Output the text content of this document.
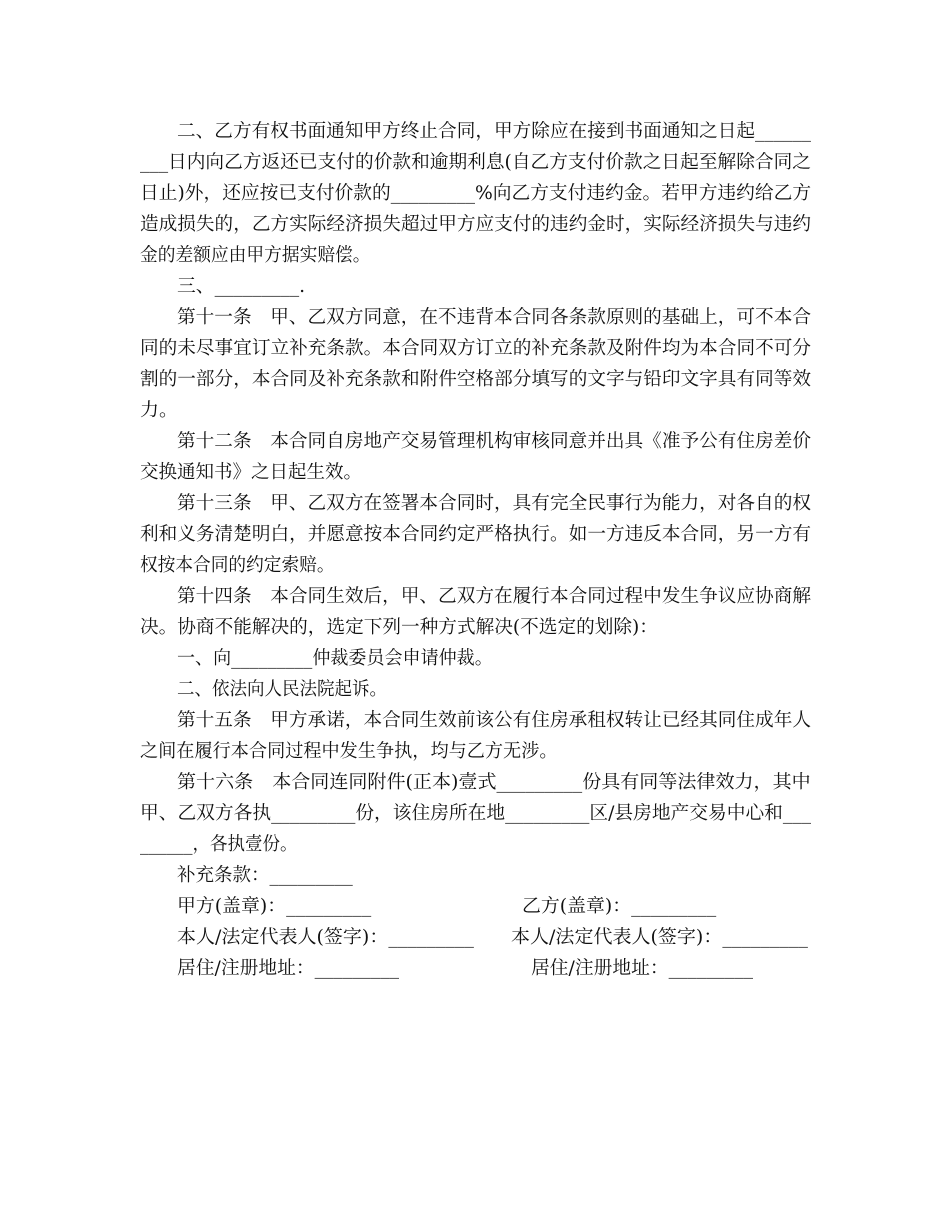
二、乙方有权书面通知甲方终止合同，甲方除应在接到书面通知之日起______
___日内向乙方返还已支付的价款和逾期利息(自乙方支付价款之日起至解除合同之
日止)外，还应按已支付价款的_________%向乙方支付违约金。若甲方违约给乙方
造成损失的，乙方实际经济损失超过甲方应支付的违约金时，实际经济损失与违约
金的差额应由甲方据实赔偿。
三、_________.
第十一条　甲、乙双方同意，在不违背本合同各条款原则的基础上，可不本合
同的未尽事宜订立补充条款。本合同双方订立的补充条款及附件均为本合同不可分
割的一部分，本合同及补充条款和附件空格部分填写的文字与铅印文字具有同等效
力。
第十二条　本合同自房地产交易管理机构审核同意并出具《准予公有住房差价
交换通知书》之日起生效。
第十三条　甲、乙双方在签署本合同时，具有完全民事行为能力，对各自的权
利和义务清楚明白，并愿意按本合同约定严格执行。如一方违反本合同，另一方有
权按本合同的约定索赔。
第十四条　本合同生效后，甲、乙双方在履行本合同过程中发生争议应协商解
决。协商不能解决的，选定下列一种方式解决(不选定的划除)：
一、向_________仲裁委员会申请仲裁。
二、依法向人民法院起诉。
第十五条　甲方承诺，本合同生效前该公有住房承租权转让已经其同住成年人
之间在履行本合同过程中发生争执，均与乙方无涉。
第十六条　本合同连同附件(正本)壹式_________份具有同等法律效力，其中
甲、乙双方各执_________份，该住房所在地_________区/县房地产交易中心和___
______，各执壹份。
补充条款：_________
甲方(盖章)：_________	乙方(盖章)：_________
本人/法定代表人(签字)：_________ 本人/法定代表人(签字)：_________
居住/注册地址：_________	居住/注册地址：_________
